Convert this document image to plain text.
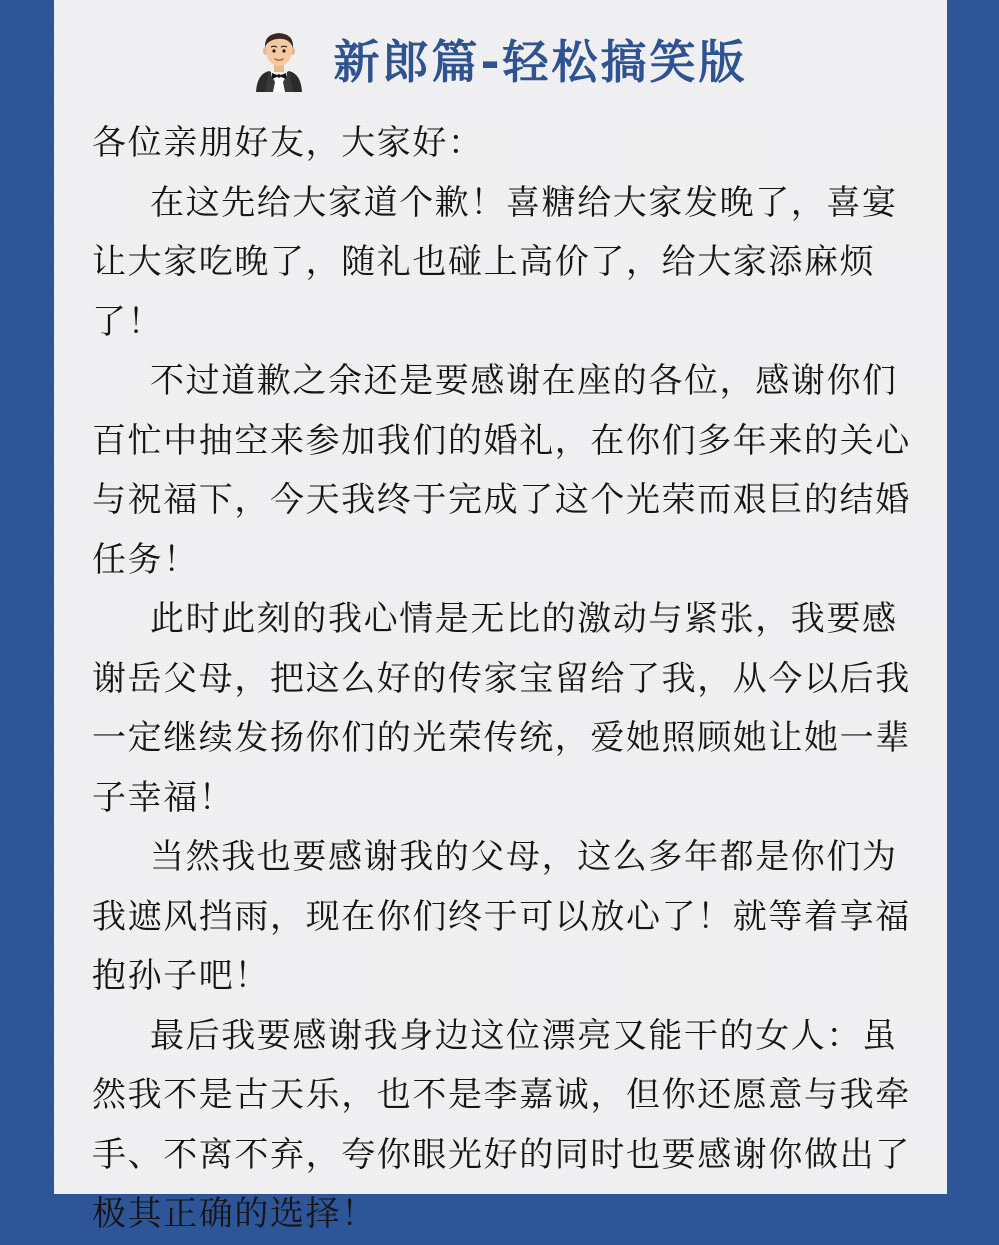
新郎篇-轻松搞笑版

各位亲朋好友，大家好：

在这先给大家道个歉！喜糖给大家发晚了，喜宴让大家吃晚了，随礼也碰上高价了，给大家添麻烦了！

不过道歉之余还是要感谢在座的各位，感谢你们百忙中抽空来参加我们的婚礼，在你们多年来的关心与祝福下，今天我终于完成了这个光荣而艰巨的结婚任务！

此时此刻的我心情是无比的激动与紧张，我要感谢岳父母，把这么好的传家宝留给了我，从今以后我一定继续发扬你们的光荣传统，爱她照顾她让她一辈子幸福！

当然我也要感谢我的父母，这么多年都是你们为我遮风挡雨，现在你们终于可以放心了！就等着享福抱孙子吧！

最后我要感谢我身边这位漂亮又能干的女人：虽然我不是古天乐，也不是李嘉诚，但你还愿意与我牵手、不离不弃，夸你眼光好的同时也要感谢你做出了极其正确的选择！
